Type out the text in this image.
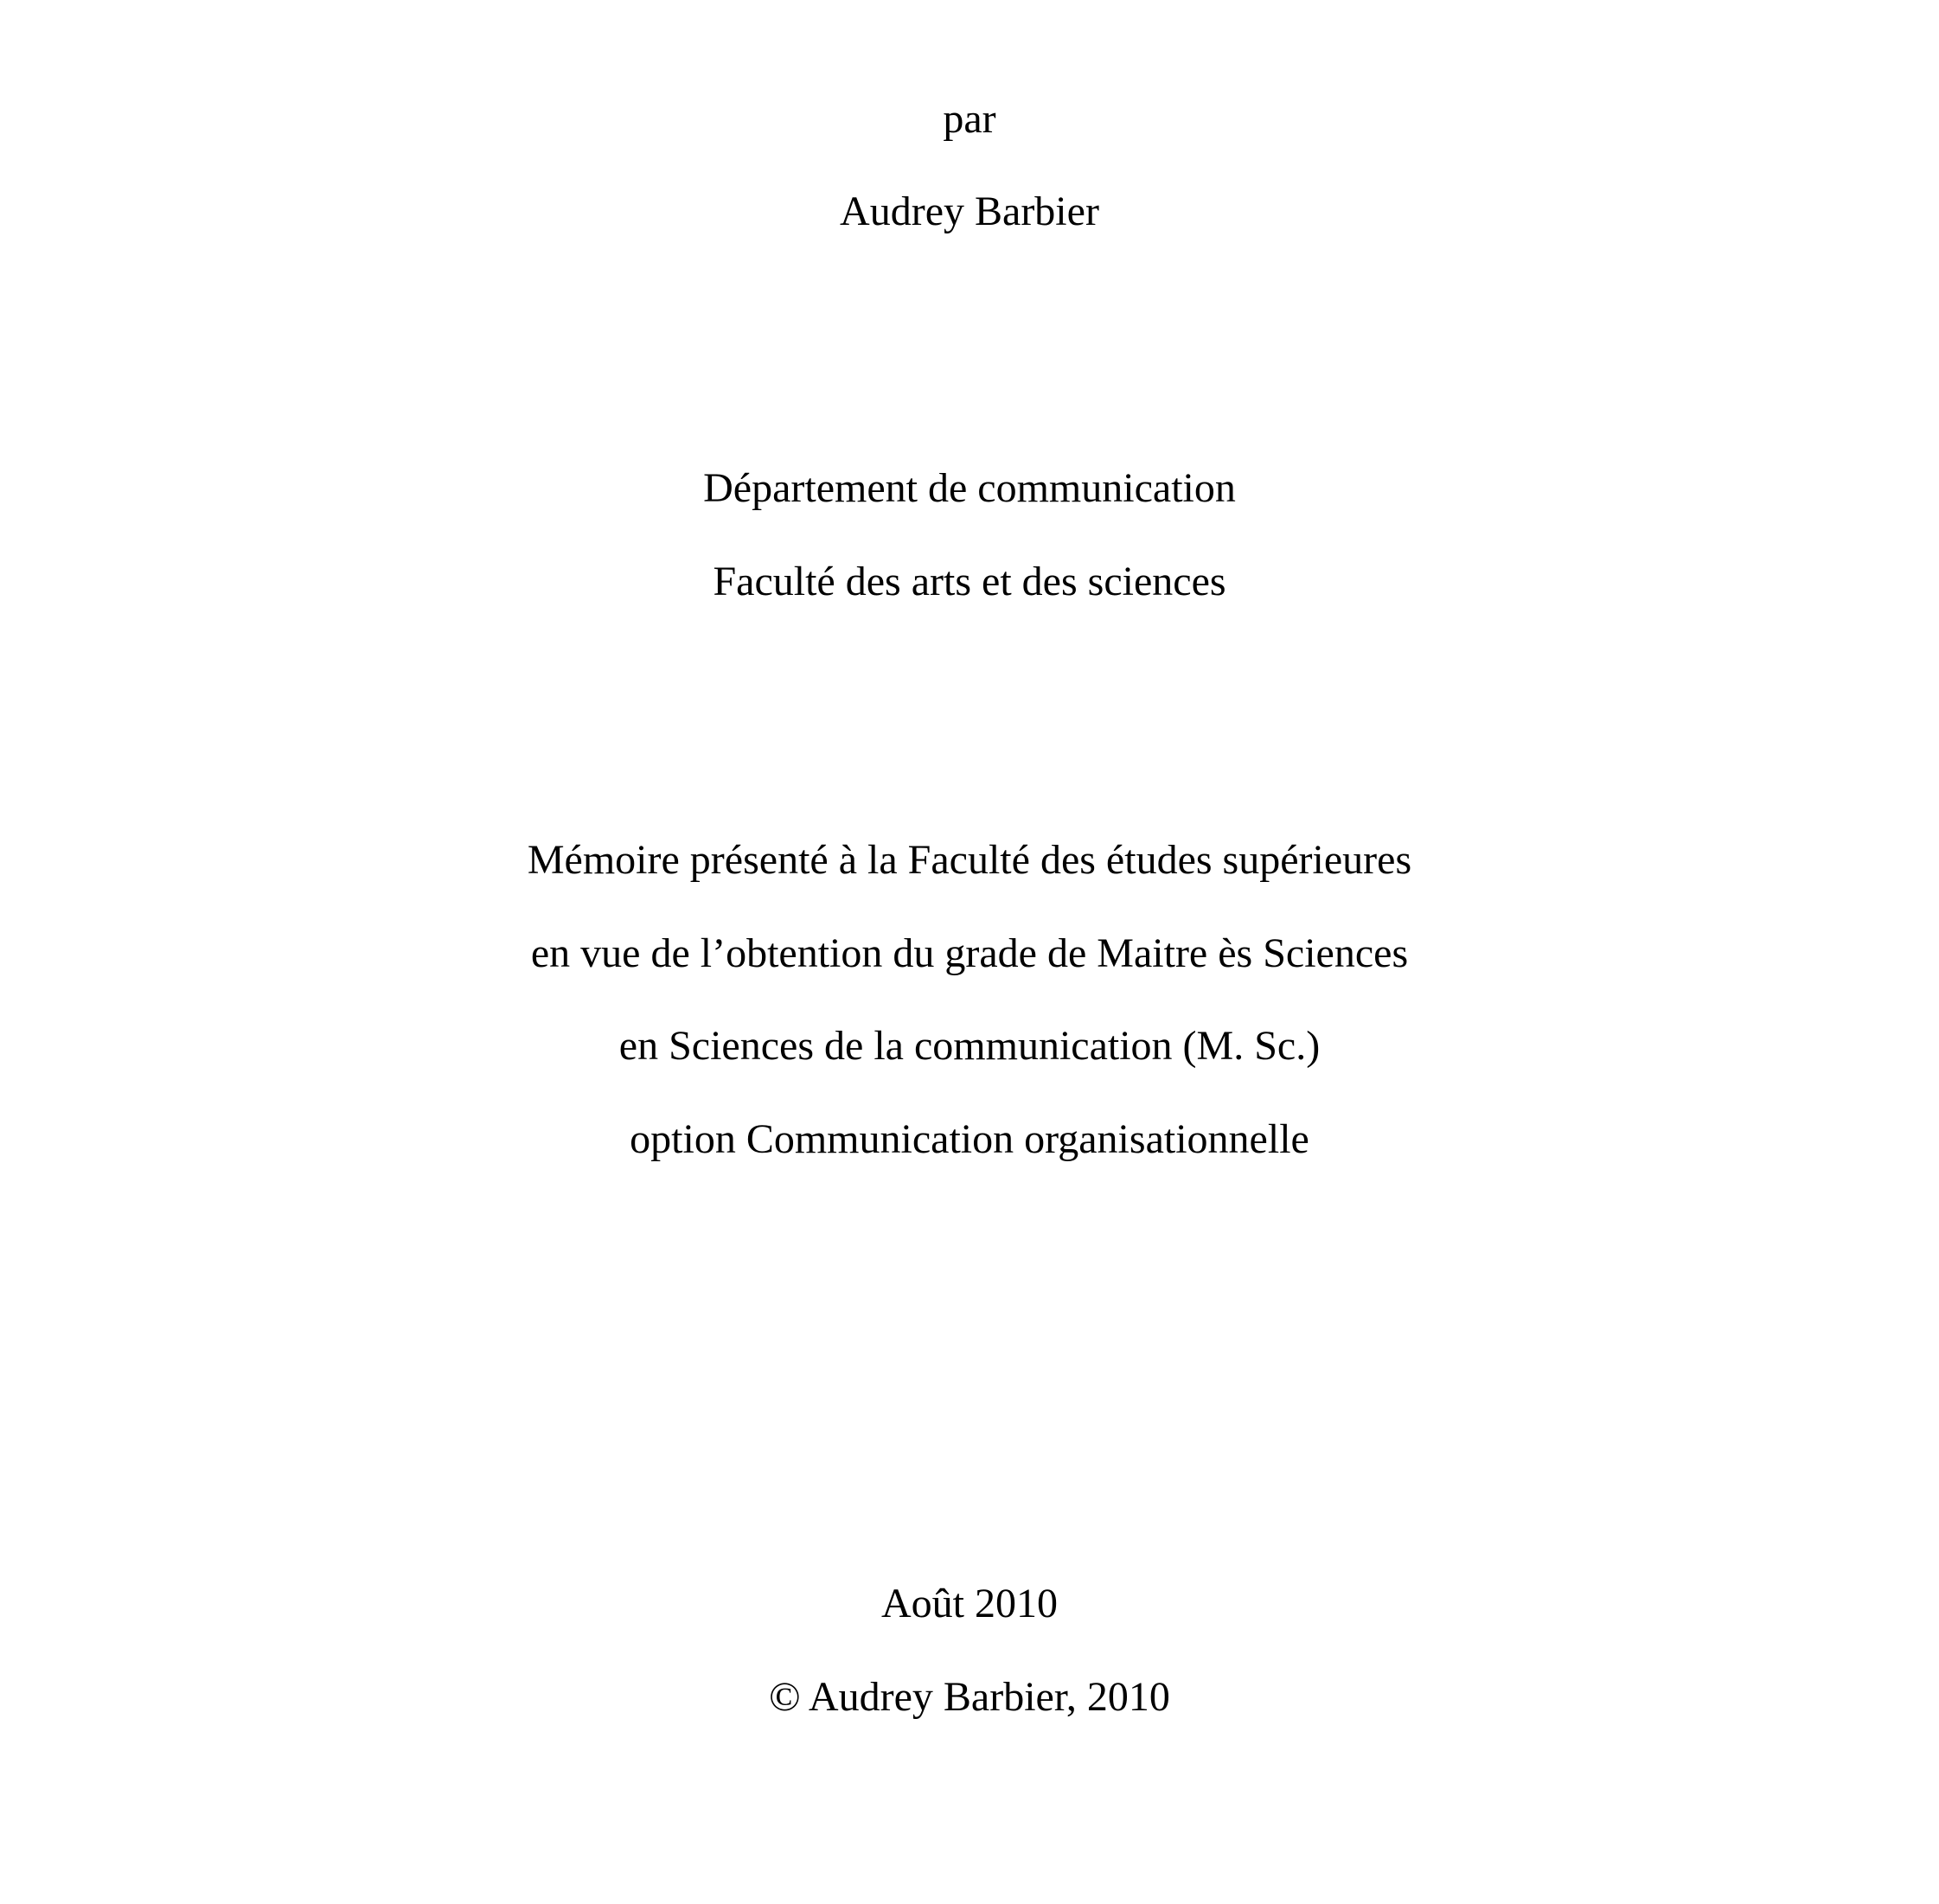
par
Audrey Barbier
Département de communication
Faculté des arts et des sciences
Mémoire présenté à la Faculté des études supérieures
en vue de l’obtention du grade de Maitre ès Sciences
en Sciences de la communication (M. Sc.)
option Communication organisationnelle
Août 2010
© Audrey Barbier, 2010
